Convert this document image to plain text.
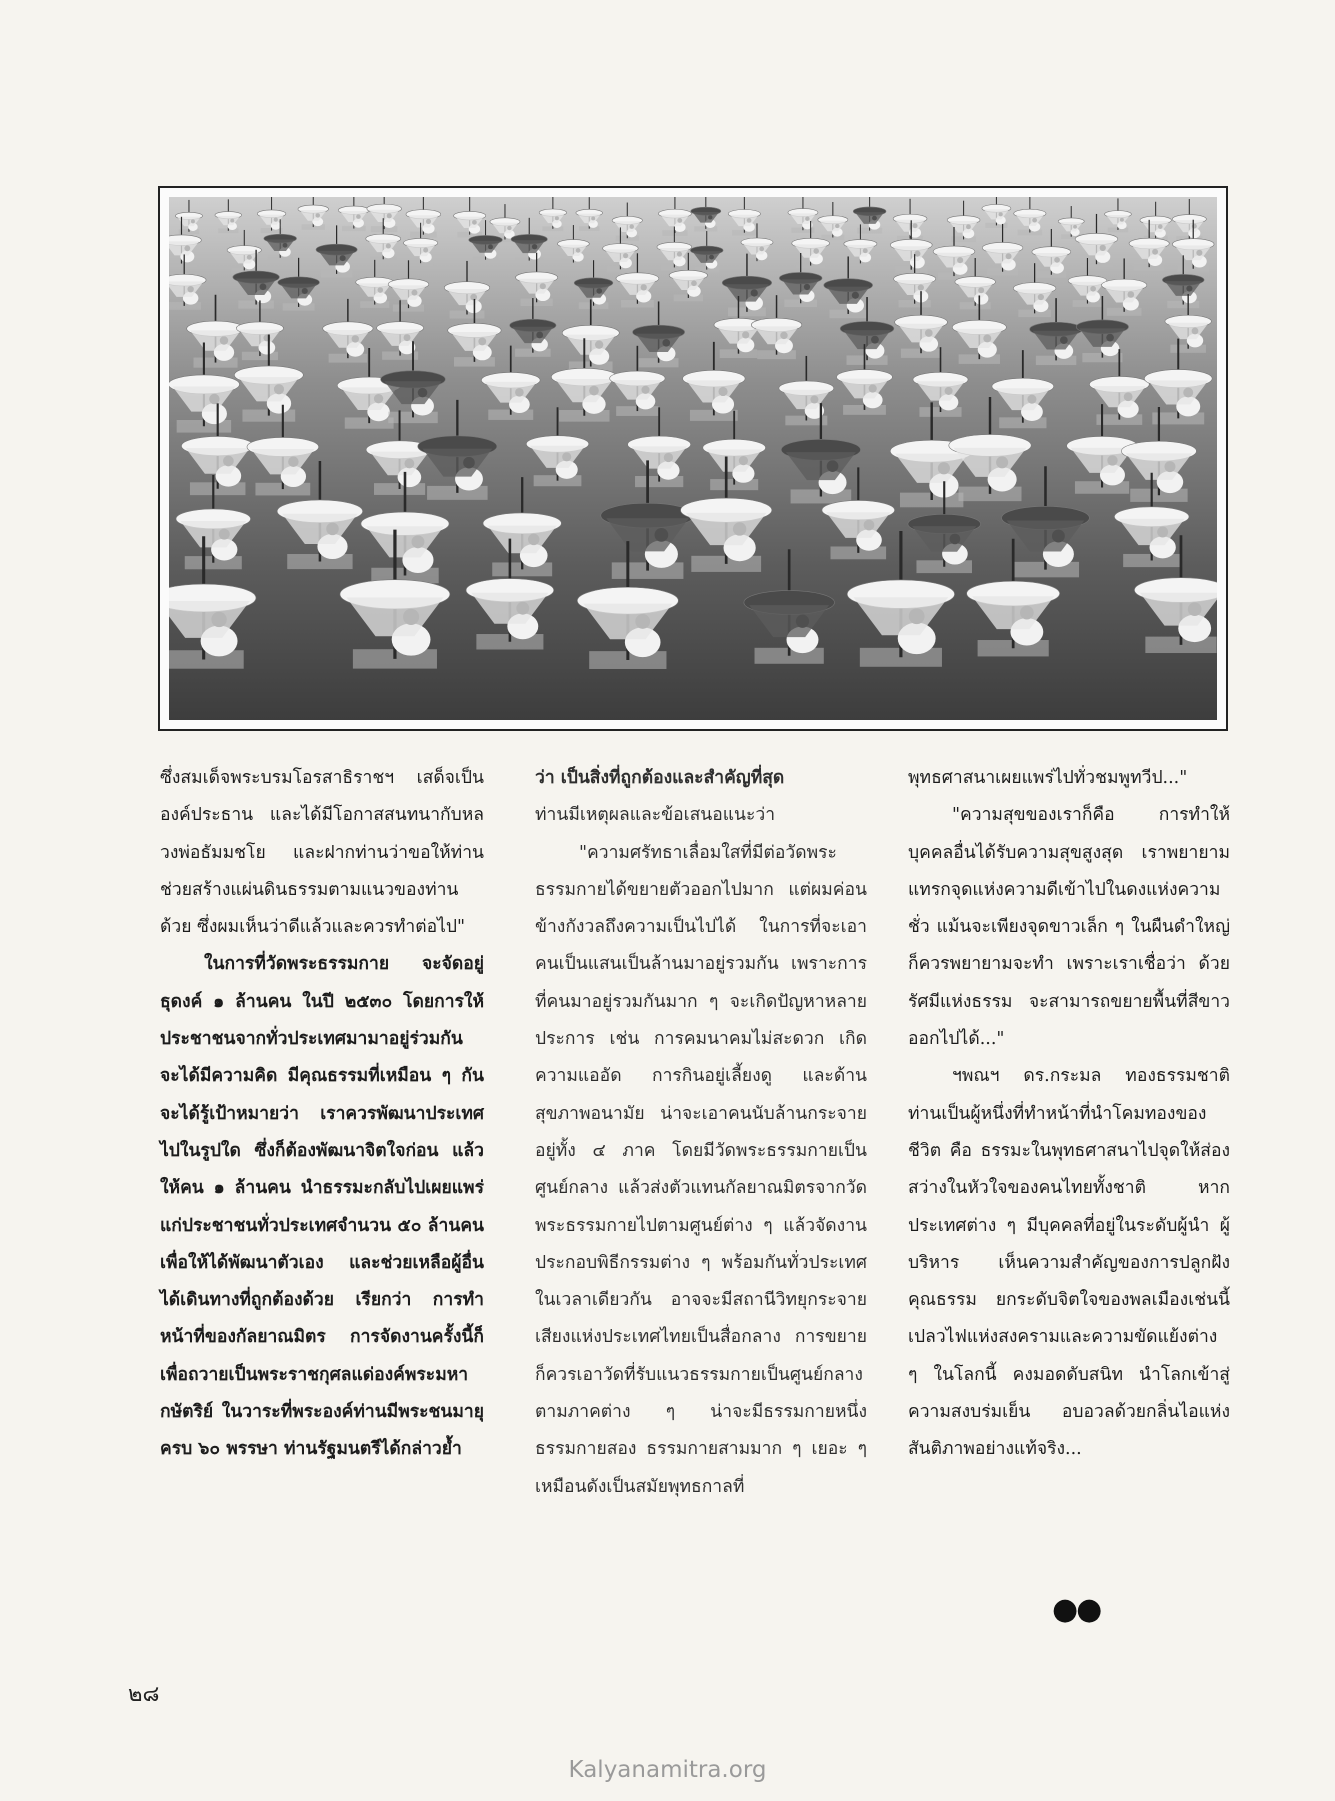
ซึ่งสมเด็จพระบรมโอรสาธิราชฯ เสด็จเป็นองค์ประธาน และได้มีโอกาสสนทนากับหลวงพ่อธัมมชโย และฝากท่านว่าขอให้ท่านช่วยสร้างแผ่นดินธรรมตามแนวของท่านด้วย ซึ่งผมเห็นว่าดีแล้วและควรทำต่อไป"

ในการที่วัดพระธรรมกาย จะจัดอยู่ธุดงค์ ๑ ล้านคน ในปี ๒๕๓๐ โดยการให้ประชาชนจากทั่วประเทศมามาอยู่ร่วมกัน จะได้มีความคิด มีคุณธรรมที่เหมือน ๆ กัน จะได้รู้เป้าหมายว่า เราควรพัฒนาประเทศไปในรูปใด ซึ่งก็ต้องพัฒนาจิตใจก่อน แล้วให้คน ๑ ล้านคน นำธรรมะกลับไปเผยแพร่แก่ประชาชนทั่วประเทศจำนวน ๕๐ ล้านคน เพื่อให้ได้พัฒนาตัวเอง และช่วยเหลือผู้อื่นได้เดินทางที่ถูกต้องด้วย เรียกว่า การทำหน้าที่ของกัลยาณมิตร การจัดงานครั้งนี้ก็เพื่อถวายเป็นพระราชกุศลแด่องค์พระมหากษัตริย์ ในวาระที่พระองค์ท่านมีพระชนมายุครบ ๖๐ พรรษา ท่านรัฐมนตรีได้กล่าวย้ำ

ว่า เป็นสิ่งที่ถูกต้องและสำคัญที่สุด

ท่านมีเหตุผลและข้อเสนอแนะว่า

"ความศรัทธาเลื่อมใสที่มีต่อวัดพระธรรมกายได้ขยายตัวออกไปมาก แต่ผมค่อนข้างกังวลถึงความเป็นไปได้ ในการที่จะเอาคนเป็นแสนเป็นล้านมาอยู่รวมกัน เพราะการที่คนมาอยู่รวมกันมาก ๆ จะเกิดปัญหาหลายประการ เช่น การคมนาคมไม่สะดวก เกิดความแออัด การกินอยู่เลี้ยงดู และด้านสุขภาพอนามัย น่าจะเอาคนนับล้านกระจายอยู่ทั้ง ๔ ภาค โดยมีวัดพระธรรมกายเป็นศูนย์กลาง แล้วส่งตัวแทนกัลยาณมิตรจากวัดพระธรรมกายไปตามศูนย์ต่าง ๆ แล้วจัดงานประกอบพิธีกรรมต่าง ๆ พร้อมกันทั่วประเทศในเวลาเดียวกัน อาจจะมีสถานีวิทยุกระจายเสียงแห่งประเทศไทยเป็นสื่อกลาง การขยายก็ควรเอาวัดที่รับแนวธรรมกายเป็นศูนย์กลางตามภาคต่าง ๆ น่าจะมีธรรมกายหนึ่ง ธรรมกายสอง ธรรมกายสามมาก ๆ เยอะ ๆ เหมือนดังเป็นสมัยพุทธกาลที่

พุทธศาสนาเผยแพร่ไปทั่วชมพูทวีป..."

"ความสุขของเราก็คือ การทำให้บุคคลอื่นได้รับความสุขสูงสุด เราพยายามแทรกจุดแห่งความดีเข้าไปในดงแห่งความชั่ว แม้นจะเพียงจุดขาวเล็ก ๆ ในผืนดำใหญ่ ก็ควรพยายามจะทำ เพราะเราเชื่อว่า ด้วยรัศมีแห่งธรรม จะสามารถขยายพื้นที่สีขาวออกไปได้..."

ฯพณฯ ดร.กระมล ทองธรรมชาติ ท่านเป็นผู้หนึ่งที่ทำหน้าที่นำโคมทองของชีวิต คือ ธรรมะในพุทธศาสนาไปจุดให้ส่องสว่างในหัวใจของคนไทยทั้งชาติ หากประเทศต่าง ๆ มีบุคคลที่อยู่ในระดับผู้นำ ผู้บริหาร เห็นความสำคัญของการปลูกฝังคุณธรรม ยกระดับจิตใจของพลเมืองเช่นนี้ เปลวไฟแห่งสงครามและความขัดแย้งต่าง ๆ ในโลกนี้ คงมอดดับสนิท นำโลกเข้าสู่ความสงบร่มเย็น อบอวลด้วยกลิ่นไอแห่งสันติภาพอย่างแท้จริง...

●●
๒๘
Kalyanamitra.org
